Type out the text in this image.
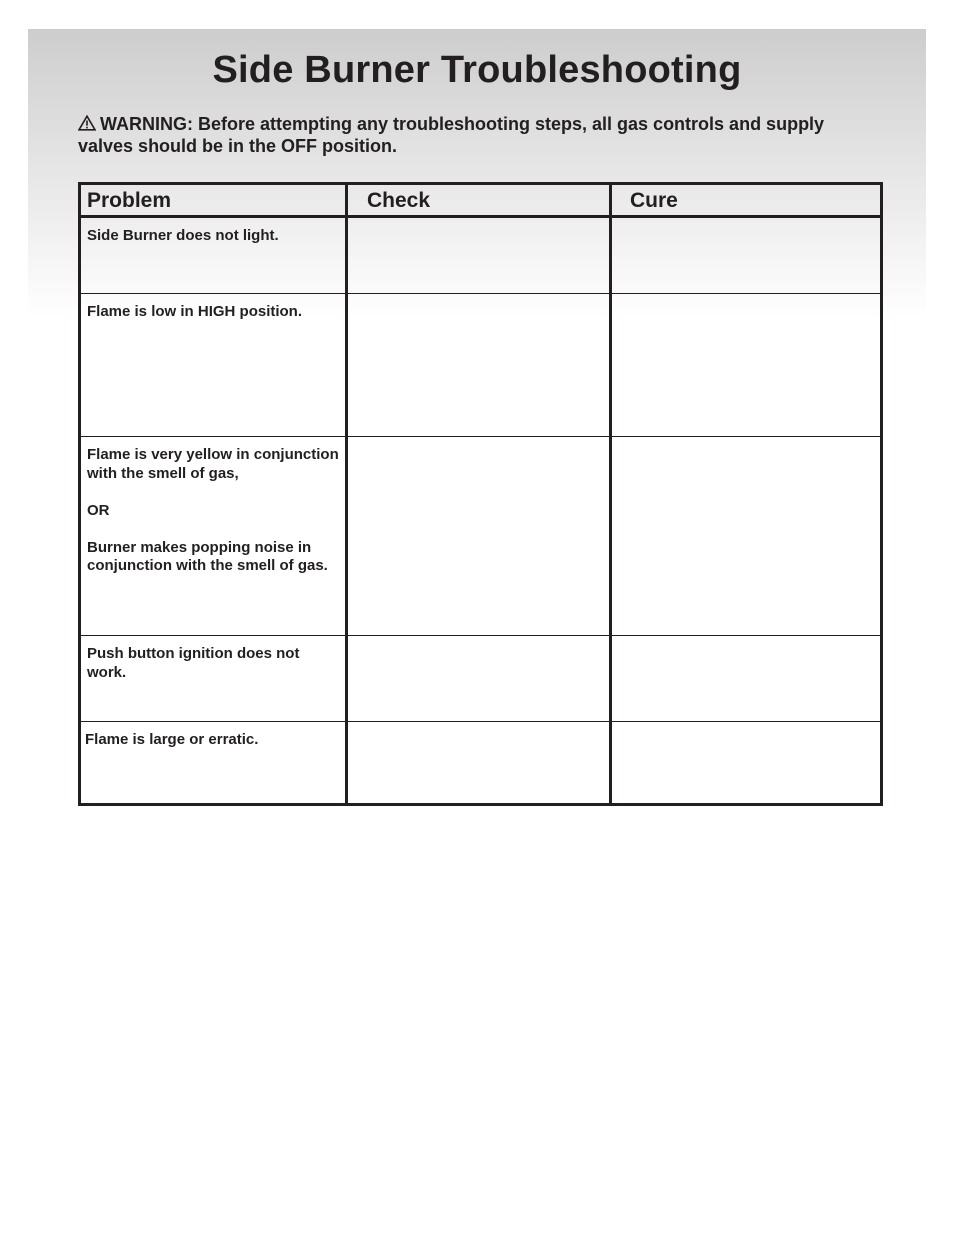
Side Burner Troubleshooting

WARNING: Before attempting any troubleshooting steps, all gas controls and supply valves should be in the OFF position.

Problem	Check	Cure

Side Burner does not light.		

Flame is low in HIGH position.		

Flame is very yellow in conjunction with the smell of gas,
OR
Burner makes popping noise in conjunction with the smell of gas.		

Push button ignition does not work.		

Flame is large or erratic.		
